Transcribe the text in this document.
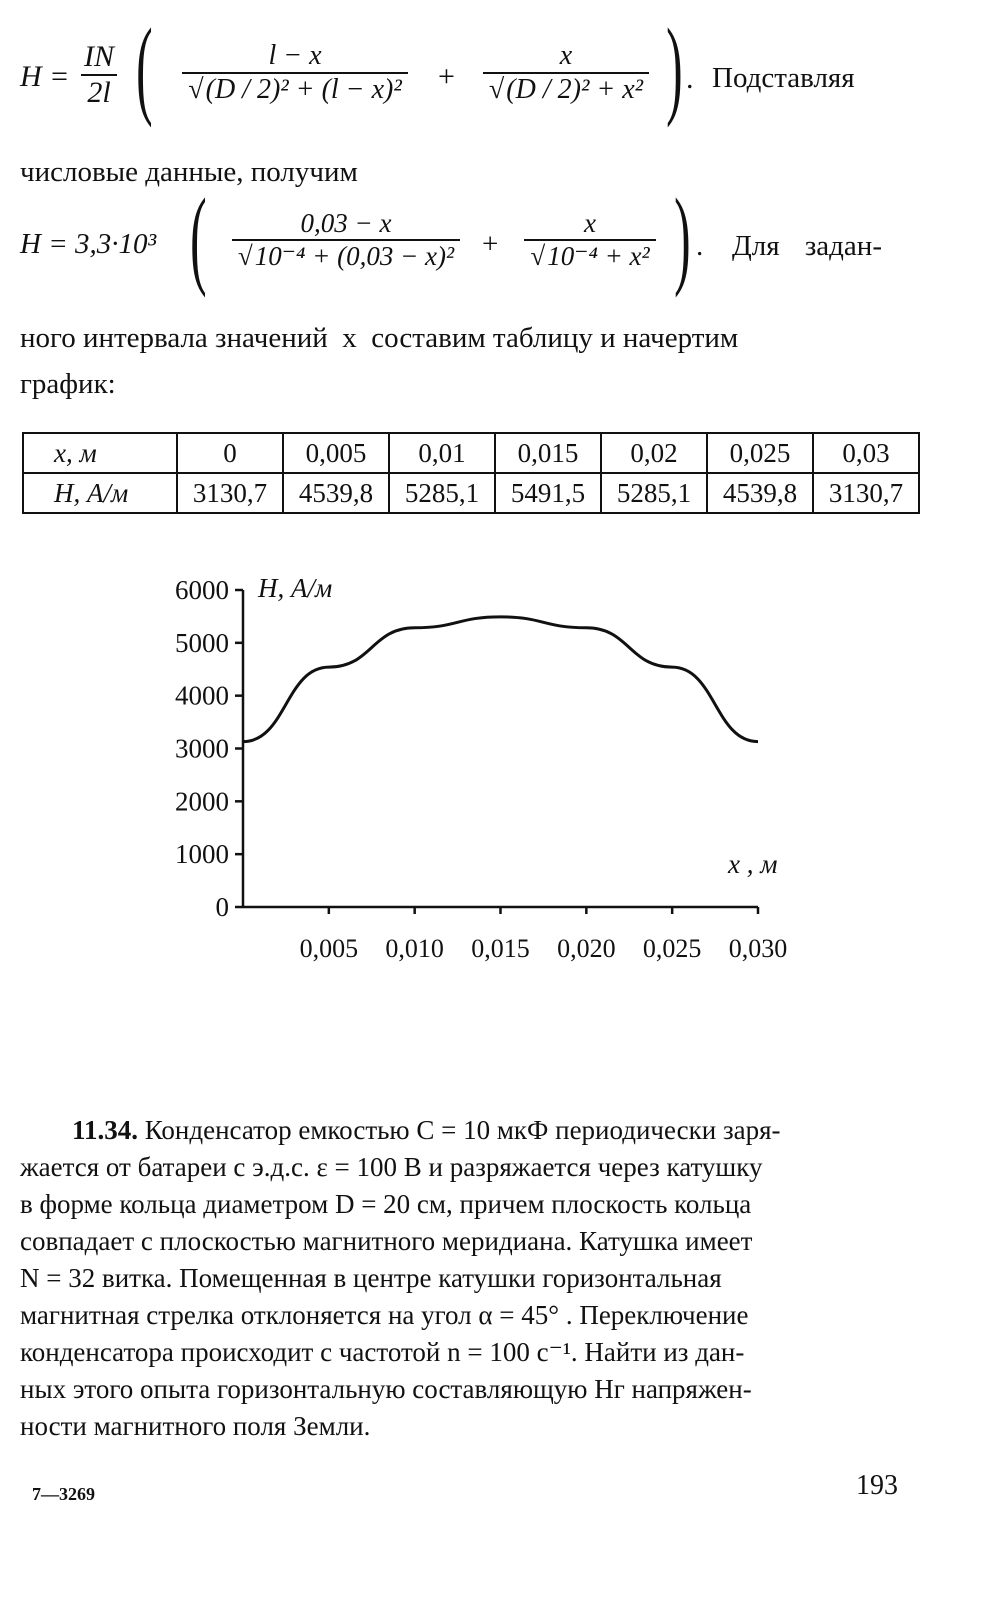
$H = \frac{IN}{2l}$ ( $\frac{l - x}{\text{√(D / 2)² + (l − x)²}} + \frac{x}{\text{√(D / 2)² + x²}}$ ) . Подставляя
числовые данные, получим
H = 3,3·10³ ( $\frac{0,03 - x}{\text{√10⁻⁴ + (0,03 − x)²}} + \frac{x}{\text{√10⁻⁴ + x²}}$ ) . Для задан-
ного интервала значений  x  составим таблицу и начертим
график:
x, м	0	0,005	0,01	0,015	0,02	0,025	0,03
H, А/м	3130,7	4539,8	5285,1	5491,5	5285,1	4539,8	3130,7
6000
5000
4000
3000
2000
1000
0
0,005 0,010 0,015 0,020 0,025 0,030
H, А/м
x , м
11.34. Конденсатор емкостью C = 10 мкФ периодически заря-
жается от батареи с э.д.с. ε = 100 В и разряжается через катушку
в форме кольца диаметром D = 20 см, причем плоскость кольца
совпадает с плоскостью магнитного меридиана. Катушка имеет
N = 32 витка. Помещенная в центре катушки горизонтальная
магнитная стрелка отклоняется на угол α = 45° . Переключение
конденсатора происходит с частотой n = 100 с⁻¹. Найти из дан-
ных этого опыта горизонтальную составляющую Hг напряжен-
ности магнитного поля Земли.
7—3269	193
